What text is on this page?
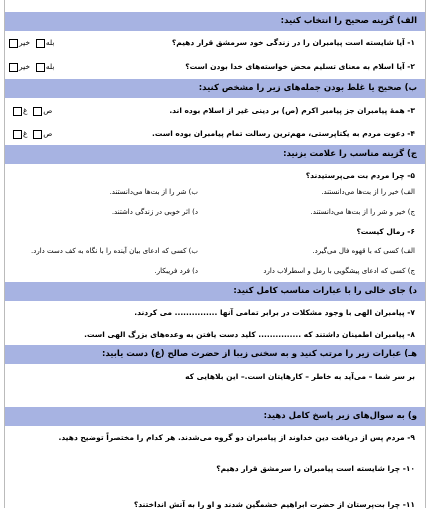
الف) گزینه صحیح را انتخاب کنید:
۱- آیا شایسته است پیامبران را در زندگی خود سرمشق قرار دهیم؟
بله  خیر
۲- آیا اسلام به معنای تسلیم محض خواسته‌های خدا بودن است؟
بله  خیر
ب) صحیح یا غلط بودن جمله‌های زیر را مشخص کنید:
۳- همهٔ پیامبران جز پیامبر اکرم (ص) بر دینی غیر از اسلام بوده اند.
ص  غ
۴- دعوت مردم به یکتاپرستی، مهم‌ترین رسالت تمام پیامبران بوده است.
ص  غ
ج) گزینه مناسب را علامت بزنید:
۵- چرا مردم بت می‌پرستیدند؟
الف) خیر را از بت‌ها می‌دانستند.
ب) شر را از بت‌ها می‌دانستند.
ج) خیر و شر را از بت‌ها می‌دانستند.
د) اثر خوبی در زندگی داشتند.
۶- رمال کیست؟
الف) کسی که با قهوه فال می‌گیرد.
ب) کسی که ادعای بیان آینده را با نگاه به کف دست دارد.
ج) کسی که ادعای پیشگویی با رمل و اسطرلاب دارد
د) فرد فریبکار.
د) جای خالی را با عبارات مناسب کامل کنید:
۷- پیامبران الهی با وجود مشکلات در برابر تمامی آنها ............... می کردند.
۸- پیامبران اطمینان داشتند که ............... کلید دست یافتن به وعده‌های بزرگ الهی است.
هـ) عبارات زیر را مرتب کنید و به سخنی زیبا از حضرت صالح (ع) دست یابید:
بر سر شما – می‌آید به خاطر – کارهایتان است.– این بلاهایی که
و) به سوال‌های زیر پاسخ کامل دهید:
۹- مردم پس از دریافت دین خداوند از پیامبران دو گروه می‌شدند. هر کدام را مختصراً توضیح دهید.
۱۰- چرا شایسته است پیامبران را سرمشق قرار دهیم؟
۱۱- چرا بت‌پرستان از حضرت ابراهیم خشمگین شدند و او را به آتش انداختند؟
